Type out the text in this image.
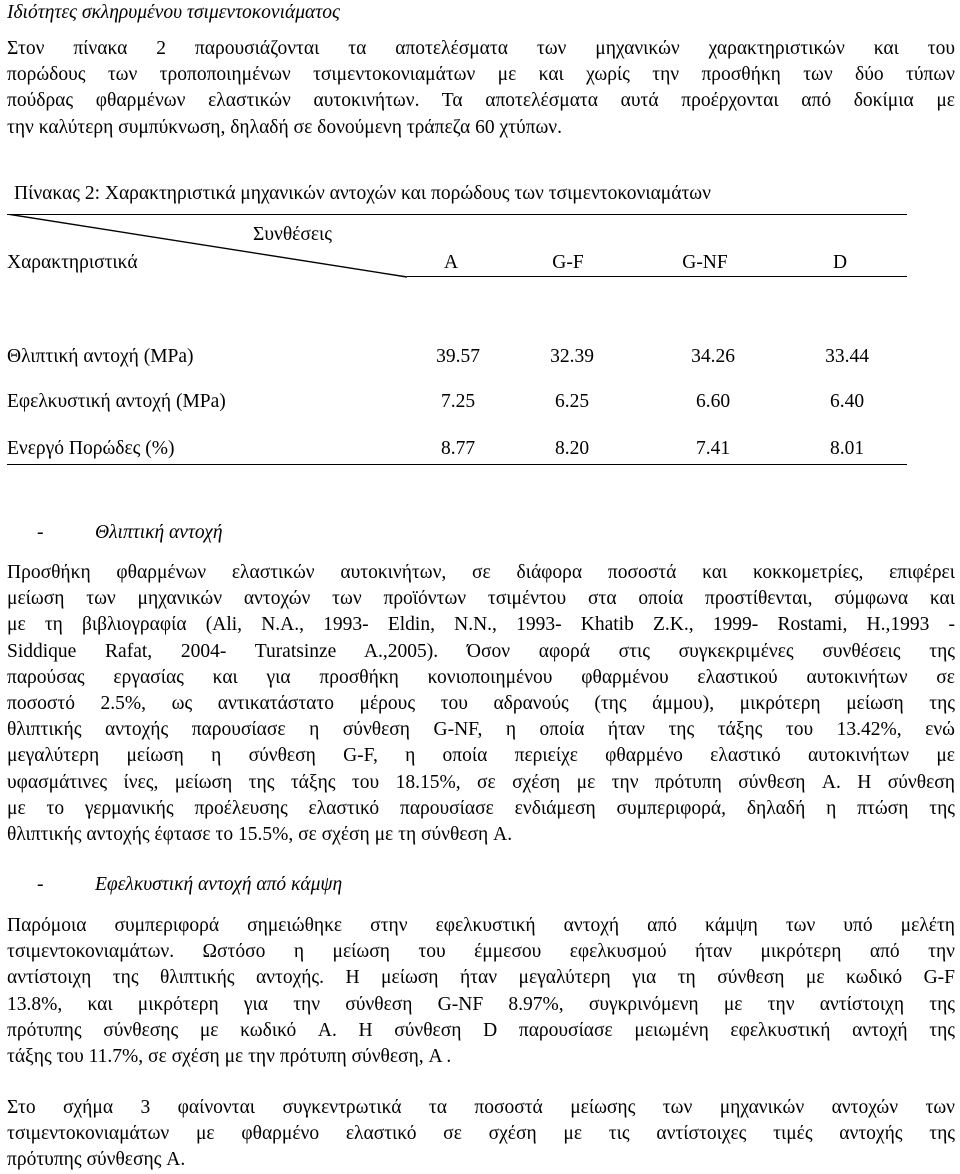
Ιδιότητες σκληρυμένου τσιμεντοκονιάματος

Στον πίνακα 2 παρουσιάζονται τα αποτελέσματα των μηχανικών χαρακτηριστικών και του
πορώδους των τροποποιημένων τσιμεντοκονιαμάτων με και χωρίς την προσθήκη των δύο τύπων
πούδρας φθαρμένων ελαστικών αυτοκινήτων. Τα αποτελέσματα αυτά προέρχονται από δοκίμια με
την καλύτερη συμπύκνωση, δηλαδή σε δονούμενη τράπεζα 60 χτύπων.

Πίνακας 2: Χαρακτηριστικά μηχανικών αντοχών και πορώδους των τσιμεντοκονιαμάτων
Συνθέσεις
Χαρακτηριστικά	A	G-F	G-NF	D
Θλιπτική αντοχή (MPa)	39.57	32.39	34.26	33.44
Εφελκυστική αντοχή (MPa)	7.25	6.25	6.60	6.40
Ενεργό Πορώδες (%)	8.77	8.20	7.41	8.01
-	Θλιπτική αντοχή

Προσθήκη φθαρμένων ελαστικών αυτοκινήτων, σε διάφορα ποσοστά και κοκκομετρίες, επιφέρει
μείωση των μηχανικών αντοχών των προϊόντων τσιμέντου στα οποία προστίθενται, σύμφωνα και
με τη βιβλιογραφία (Ali, N.A., 1993- Eldin, N.N., 1993- Khatib Z.K., 1999- Rostami, H.,1993 -
Siddique Rafat, 2004- Turatsinze A.,2005). Όσον αφορά στις συγκεκριμένες συνθέσεις της
παρούσας εργασίας και για προσθήκη κονιοποιημένου φθαρμένου ελαστικού αυτοκινήτων σε
ποσοστό 2.5%, ως αντικατάστατο μέρους του αδρανούς (της άμμου), μικρότερη μείωση της
θλιπτικής αντοχής παρουσίασε η σύνθεση G-NF, η οποία ήταν της τάξης του 13.42%, ενώ
μεγαλύτερη μείωση η σύνθεση G-F, η οποία περιείχε φθαρμένο ελαστικό αυτοκινήτων με
υφασμάτινες ίνες, μείωση της τάξης του 18.15%, σε σχέση με την πρότυπη σύνθεση A. Η σύνθεση
με το γερμανικής προέλευσης ελαστικό παρουσίασε ενδιάμεση συμπεριφορά, δηλαδή η πτώση της
θλιπτικής αντοχής έφτασε το 15.5%, σε σχέση με τη σύνθεση A.

-	Εφελκυστική αντοχή από κάμψη

Παρόμοια συμπεριφορά σημειώθηκε στην εφελκυστική αντοχή από κάμψη των υπό μελέτη
τσιμεντοκονιαμάτων. Ωστόσο η μείωση του έμμεσου εφελκυσμού ήταν μικρότερη από την
αντίστοιχη της θλιπτικής αντοχής. Η μείωση ήταν μεγαλύτερη για τη σύνθεση με κωδικό G-F
13.8%, και μικρότερη για την σύνθεση G-NF 8.97%, συγκρινόμενη με την αντίστοιχη της
πρότυπης σύνθεσης με κωδικό A. Η σύνθεση D παρουσίασε μειωμένη εφελκυστική αντοχή της
τάξης του 11.7%, σε σχέση με την πρότυπη σύνθεση, A .

Στο σχήμα 3 φαίνονται συγκεντρωτικά τα ποσοστά μείωσης των μηχανικών αντοχών των
τσιμεντοκονιαμάτων με φθαρμένο ελαστικό σε σχέση με τις αντίστοιχες τιμές αντοχής της
πρότυπης σύνθεσης A.
